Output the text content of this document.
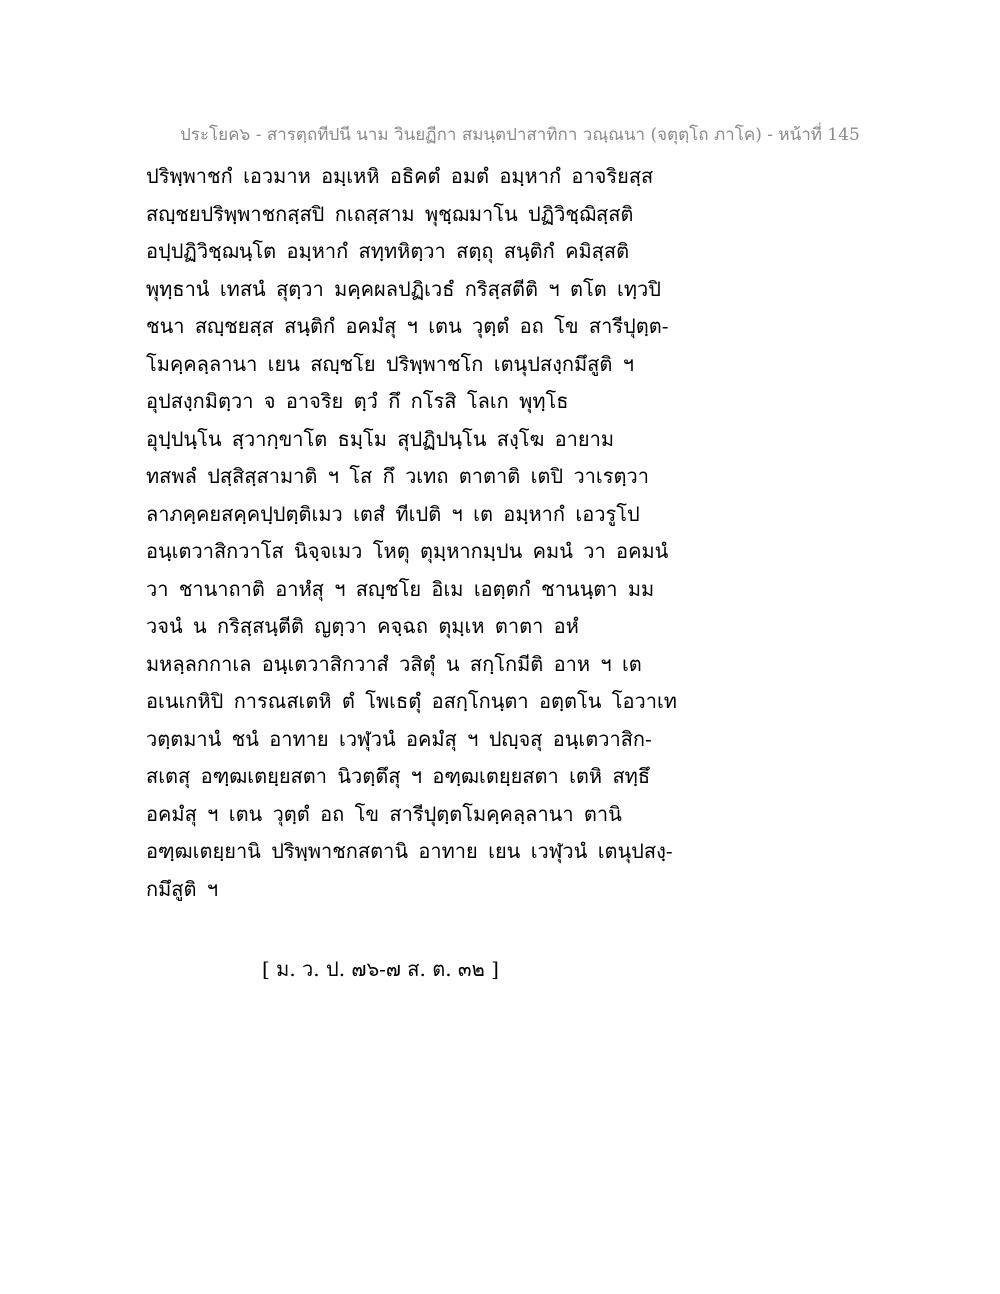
ประโยค๖ - สารตฺถทีปนี นาม วินยฏีกา สมนฺตปาสาทิกา วณฺณนา (จตุตฺโถ ภาโค) - หน้าที่ 145
ปริพฺพาชกํ เอวมาห อมฺเหหิ อธิคตํ อมตํ อมฺหากํ อาจริยสฺส
สญฺชยปริพฺพาชกสฺสปิ กเถสฺสาม พุชฺฌมาโน ปฏิวิชฺฌิสฺสติ
อปฺปฏิวิชฺฌนฺโต อมฺหากํ สทฺทหิตฺวา สตฺถุ สนฺติกํ คมิสฺสติ
พุทฺธานํ เทสนํ สุตฺวา มคฺคผลปฏิเวธํ กริสฺสตีติ ฯ ตโต เทฺวปิ
ชนา สญฺชยสฺส สนฺติกํ อคมํสุ ฯ เตน วุตฺตํ อถ โข สารีปุตฺต-
โมคฺคลฺลานา เยน สญฺชโย ปริพฺพาชโก เตนุปสงฺกมึสูติ ฯ
อุปสงฺกมิตฺวา จ อาจริย ตฺวํ กึ กโรสิ โลเก พุทฺโธ
อุปฺปนฺโน สฺวากฺขาโต ธมฺโม สุปฏิปนฺโน สงฺโฆ อายาม
ทสพลํ ปสฺสิสฺสามาติ ฯ โส กึ วเทถ ตาตาติ เตปิ วาเรตฺวา
ลาภคฺคยสคฺคปฺปตฺติเมว เตสํ ทีเปติ ฯ เต อมฺหากํ เอวรูโป
อนฺเตวาสิกวาโส นิจฺจเมว โหตุ ตุมฺหากมฺปน คมนํ วา อคมนํ
วา ชานาถาติ อาหํสุ ฯ สญฺชโย อิเม เอตฺตกํ ชานนฺตา มม
วจนํ น กริสฺสนฺตีติ ญตฺวา คจฺฉถ ตุมฺเห ตาตา อหํ
มหลฺลกกาเล อนฺเตวาสิกวาสํ วสิตุํ น สกฺโกมีติ อาห ฯ เต
อเนเกหิปิ การณสเตหิ ตํ โพเธตุํ อสกฺโกนฺตา อตฺตโน โอวาเท
วตฺตมานํ ชนํ อาทาย เวฬุวนํ อคมํสุ ฯ ปญฺจสุ อนฺเตวาสิก-
สเตสุ อฑฺฒเตยฺยสตา นิวตฺตึสุ ฯ อฑฺฒเตยฺยสตา เตหิ สทฺธึ
อคมํสุ ฯ เตน วุตฺตํ อถ โข สารีปุตฺตโมคฺคลฺลานา ตานิ
อฑฺฒเตยฺยานิ ปริพฺพาชกสตานิ อาทาย เยน เวฬุวนํ เตนุปสงฺ-
กมึสูติ ฯ
[ ม. ว. ป. ๗๖-๗ ส. ต. ๓๒ ]
